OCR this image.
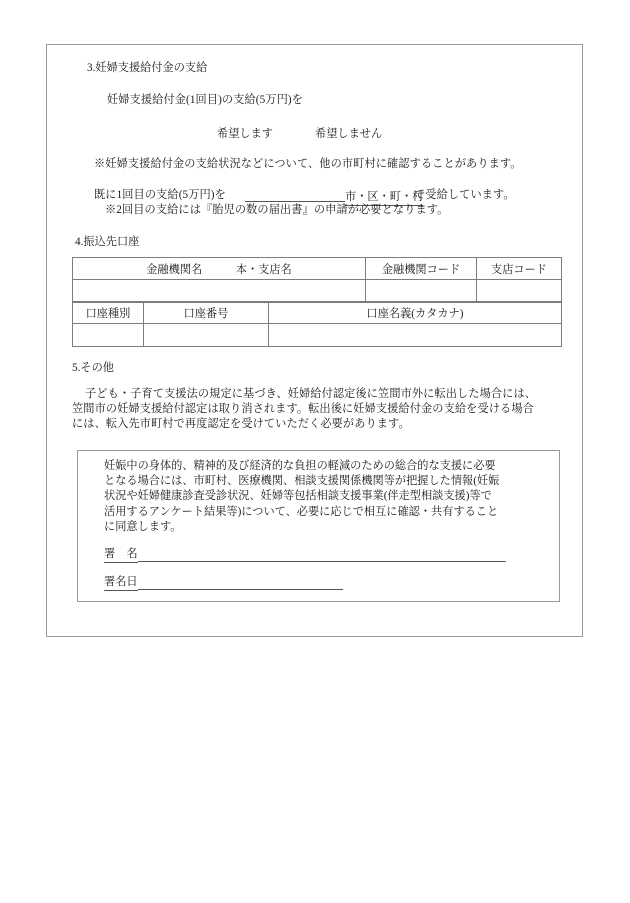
3.妊婦支援給付金の支給
妊婦支援給付金(1回目)の支給(5万円)を
希望します	希望しません
※妊婦支援給付金の支給状況などについて、他の市町村に確認することがあります。
既に1回目の支給(5万円)を	市・区・町・村
で受給しています。
※2回目の支給には『胎児の数の届出書』の申請が必要となります。
4.振込先口座
金融機関名　　　本・支店名	金融機関コード	支店コード

口座種別	口座番号	口座名義(カタカナ)

5.その他
子ども・子育て支援法の規定に基づき、妊婦給付認定後に笠間市外に転出した場合には、
笠間市の妊婦支援給付認定は取り消されます。転出後に妊婦支援給付金の支給を受ける場合
には、転入先市町村で再度認定を受けていただく必要があります。
妊娠中の身体的、精神的及び経済的な負担の軽減のための総合的な支援に必要
となる場合には、市町村、医療機関、相談支援関係機関等が把握した情報(妊娠
状況や妊婦健康診査受診状況、妊婦等包括相談支援事業(伴走型相談支援)等で
活用するアンケート結果等)について、必要に応じで相互に確認・共有すること
に同意します。
署　名
署名日
